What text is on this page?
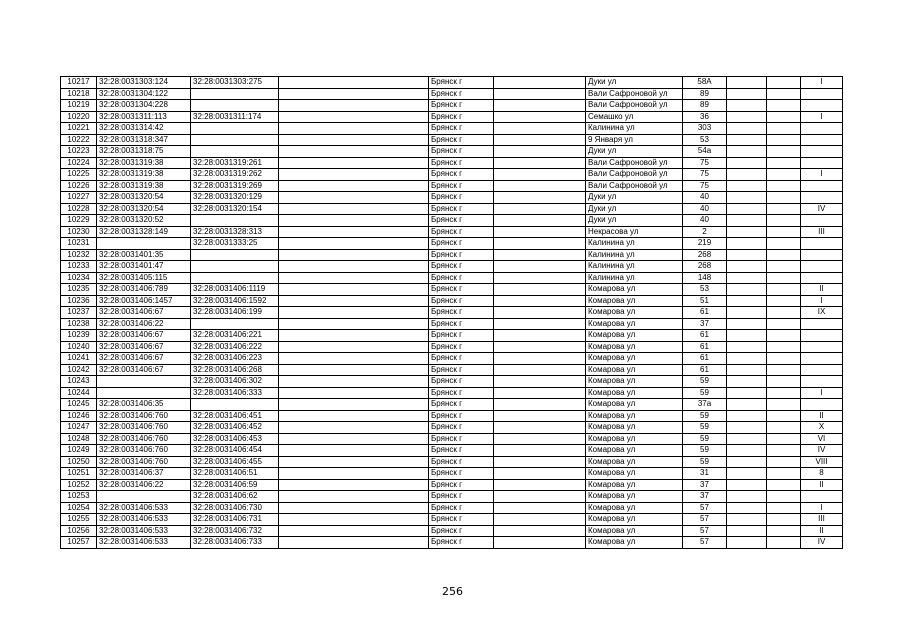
10217	32:28:0031303:124	32:28:0031303:275		Брянск г		Дуки ул	58А			I
10218	32:28:0031304:122			Брянск г		Вали Сафроновой ул	89			
10219	32:28:0031304:228			Брянск г		Вали Сафроновой ул	89			
10220	32:28:0031311:113	32:28:0031311:174		Брянск г		Семашко ул	36			I
10221	32:28:0031314:42			Брянск г		Калинина ул	303			
10222	32:28:0031318:347			Брянск г		9 Января ул	53			
10223	32:28:0031318:75			Брянск г		Дуки ул	54а			
10224	32:28:0031319:38	32:28:0031319:261		Брянск г		Вали Сафроновой ул	75			
10225	32:28:0031319:38	32:28:0031319:262		Брянск г		Вали Сафроновой ул	75			I
10226	32:28:0031319:38	32:28:0031319:269		Брянск г		Вали Сафроновой ул	75			
10227	32:28:0031320:54	32:28:0031320:129		Брянск г		Дуки ул	40			
10228	32:28:0031320:54	32:28:0031320:154		Брянск г		Дуки ул	40			IV
10229	32:28:0031320:52			Брянск г		Дуки ул	40			
10230	32:28:0031328:149	32:28:0031328:313		Брянск г		Некрасова ул	2			III
10231		32:28:0031333:25		Брянск г		Калинина ул	219			
10232	32:28:0031401:35			Брянск г		Калинина ул	268			
10233	32:28:0031401:47			Брянск г		Калинина ул	268			
10234	32:28:0031405:115			Брянск г		Калинина ул	148			
10235	32:28:0031406:789	32:28:0031406:1119		Брянск г		Комарова ул	53			II
10236	32:28:0031406:1457	32:28:0031406:1592		Брянск г		Комарова ул	51			I
10237	32:28:0031406:67	32:28:0031406:199		Брянск г		Комарова ул	61			IX
10238	32:28:0031406:22			Брянск г		Комарова ул	37			
10239	32:28:0031406:67	32:28:0031406:221		Брянск г		Комарова ул	61			
10240	32:28:0031406:67	32:28:0031406:222		Брянск г		Комарова ул	61			
10241	32:28:0031406:67	32:28:0031406:223		Брянск г		Комарова ул	61			
10242	32:28:0031406:67	32:28:0031406:268		Брянск г		Комарова ул	61			
10243		32:28:0031406:302		Брянск г		Комарова ул	59			
10244		32:28:0031406:333		Брянск г		Комарова ул	59			I
10245	32:28:0031406:35			Брянск г		Комарова ул	37а			
10246	32:28:0031406:760	32:28:0031406:451		Брянск г		Комарова ул	59			II
10247	32:28:0031406:760	32:28:0031406:452		Брянск г		Комарова ул	59			X
10248	32:28:0031406:760	32:28:0031406:453		Брянск г		Комарова ул	59			VI
10249	32:28:0031406:760	32:28:0031406:454		Брянск г		Комарова ул	59			IV
10250	32:28:0031406:760	32:28:0031406:455		Брянск г		Комарова ул	59			VIII
10251	32:28:0031406:37	32:28:0031406:51		Брянск г		Комарова ул	31			8
10252	32:28:0031406:22	32:28:0031406:59		Брянск г		Комарова ул	37			II
10253		32:28:0031406:62		Брянск г		Комарова ул	37			
10254	32:28:0031406:533	32:28:0031406:730		Брянск г		Комарова ул	57			I
10255	32:28:0031406:533	32:28:0031406:731		Брянск г		Комарова ул	57			III
10256	32:28:0031406:533	32:28:0031406:732		Брянск г		Комарова ул	57			II
10257	32:28:0031406:533	32:28:0031406:733		Брянск г		Комарова ул	57			IV
256
